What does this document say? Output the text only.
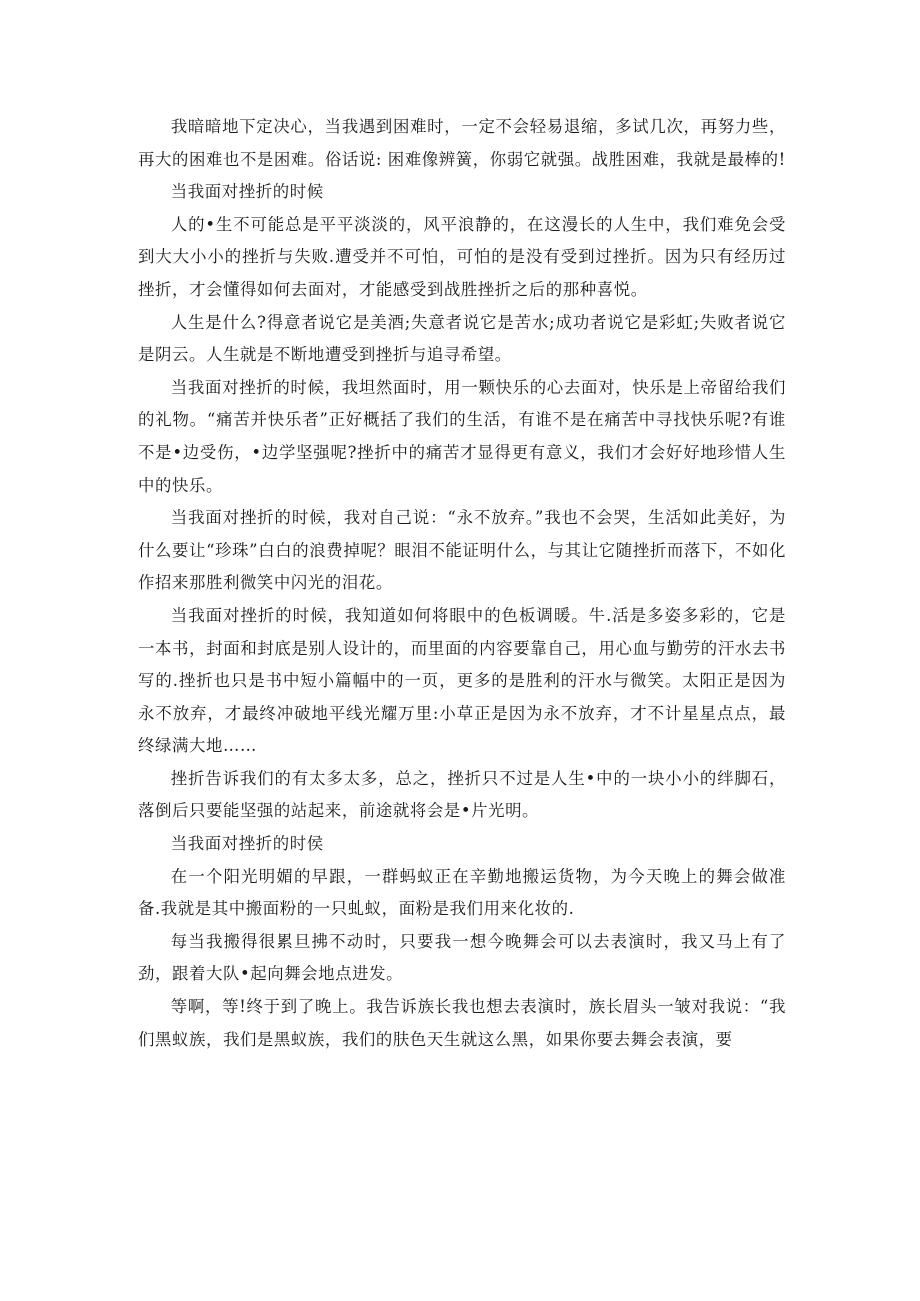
我暗暗地下定决心，当我遇到困难时，一定不会轻易退缩，多试几次，再努力些，再大的困难也不是困难。俗话说: 困难像辨簧，你弱它就强。战胜困难，我就是最棒的!

当我面对挫折的时候

人的•生不可能总是平平淡淡的，风平浪静的，在这漫长的人生中，我们难免会受到大大小小的挫折与失败.遭受并不可怕，可怕的是没有受到过挫折。因为只有经历过挫折，才会懂得如何去面对，才能感受到战胜挫折之后的那种喜悦。

人生是什么?得意者说它是美酒;失意者说它是苦水;成功者说它是彩虹;失败者说它是阴云。人生就是不断地遭受到挫折与追寻希望。

当我面对挫折的时候，我坦然面时，用一颗快乐的心去面对，快乐是上帝留给我们的礼物。“痛苦并快乐者”正好概括了我们的生活，有谁不是在痛苦中寻找快乐呢?有谁不是•边受伤，•边学坚强呢?挫折中的痛苦才显得更有意义，我们才会好好地珍惜人生中的快乐。

当我面对挫折的时候，我对自己说：“永不放弃。”我也不会哭，生活如此美好，为什么要让“珍珠”白白的浪费掉呢？眼泪不能证明什么，与其让它随挫折而落下，不如化作招来那胜利微笑中闪光的泪花。

当我面对挫折的时候，我知道如何将眼中的色板调暖。牛.活是多姿多彩的，它是一本书，封面和封底是别人设计的，而里面的内容要靠自己，用心血与勤劳的汗水去书写的.挫折也只是书中短小篇幅中的一页，更多的是胜利的汗水与微笑。太阳正是因为永不放弃，才最终冲破地平线光耀万里:小草正是因为永不放弃，才不计星星点点，最终绿满大地……

挫折告诉我们的有太多太多，总之，挫折只不过是人生•中的一块小小的绊脚石，落倒后只要能坚强的站起来，前途就将会是•片光明。

当我面对挫折的时侯

在一个阳光明媚的早跟，一群蚂蚁正在辛勤地搬运货物，为今天晚上的舞会做准备.我就是其中搬面粉的一只虬蚁，面粉是我们用来化妆的.

每当我搬得很累旦拂不动时，只要我一想今晚舞会可以去表演时，我又马上有了劲，跟着大队•起向舞会地点进发。

等啊，等!终于到了晚上。我告诉族长我也想去表演时，族长眉头一皱对我说：“我们黑蚁族，我们是黑蚁族，我们的肤色天生就这么黑，如果你要去舞会表演，要
